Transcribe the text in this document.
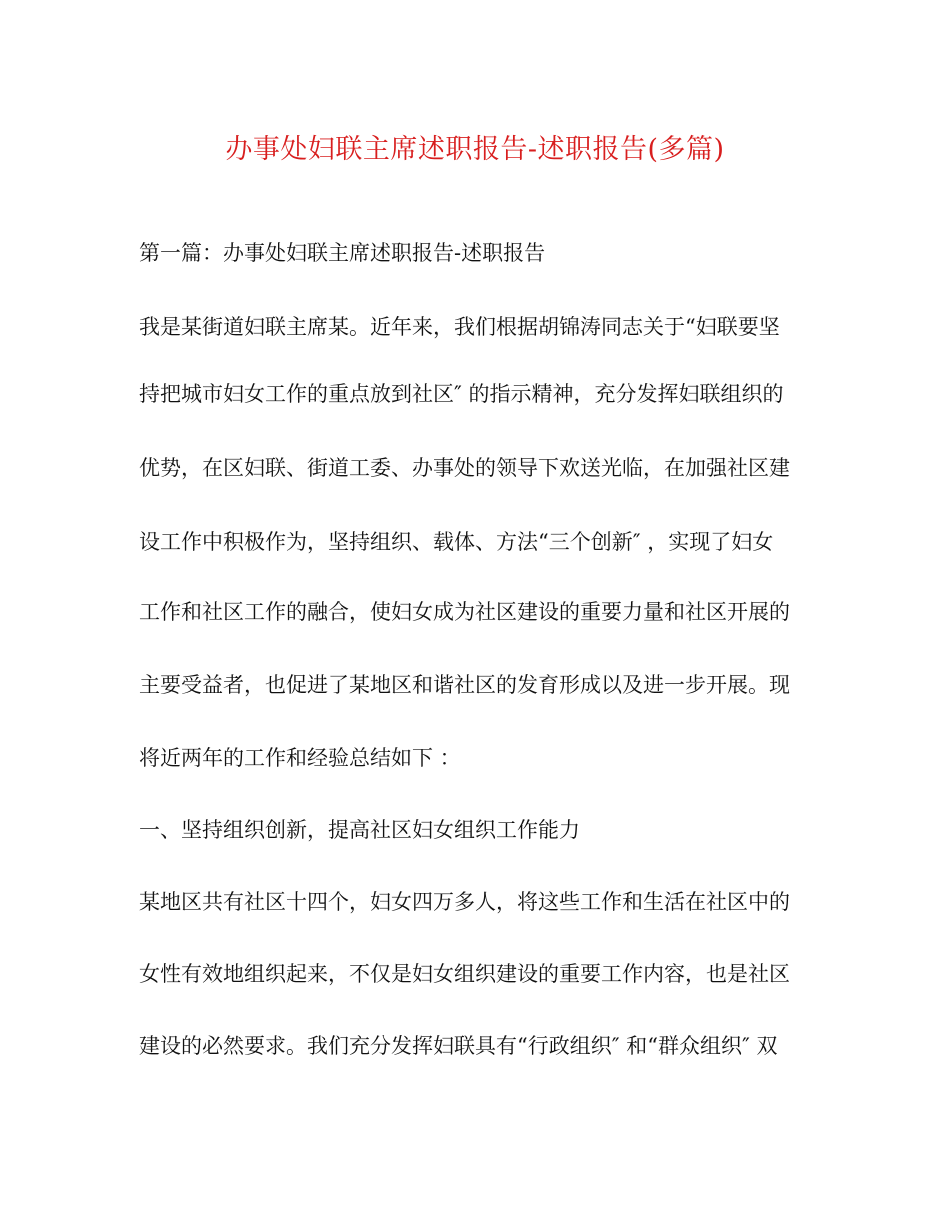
办事处妇联主席述职报告-述职报告(多篇)
第一篇：办事处妇联主席述职报告-述职报告
我是某街道妇联主席某。近年来，我们根据胡锦涛同志关于“妇联要坚
持把城市妇女工作的重点放到社区″ 的指示精神，充分发挥妇联组织的
优势，在区妇联、街道工委、办事处的领导下欢送光临，在加强社区建
设工作中积极作为，坚持组织、载体、方法“三个创新″ ，实现了妇女
工作和社区工作的融合，使妇女成为社区建设的重要力量和社区开展的
主要受益者，也促进了某地区和谐社区的发育形成以及进一步开展。现
将近两年的工作和经验总结如下 ：
一、坚持组织创新，提高社区妇女组织工作能力
某地区共有社区十四个，妇女四万多人，将这些工作和生活在社区中的
女性有效地组织起来，不仅是妇女组织建设的重要工作内容，也是社区
建设的必然要求。我们充分发挥妇联具有“行政组织″ 和“群众组织″ 双
